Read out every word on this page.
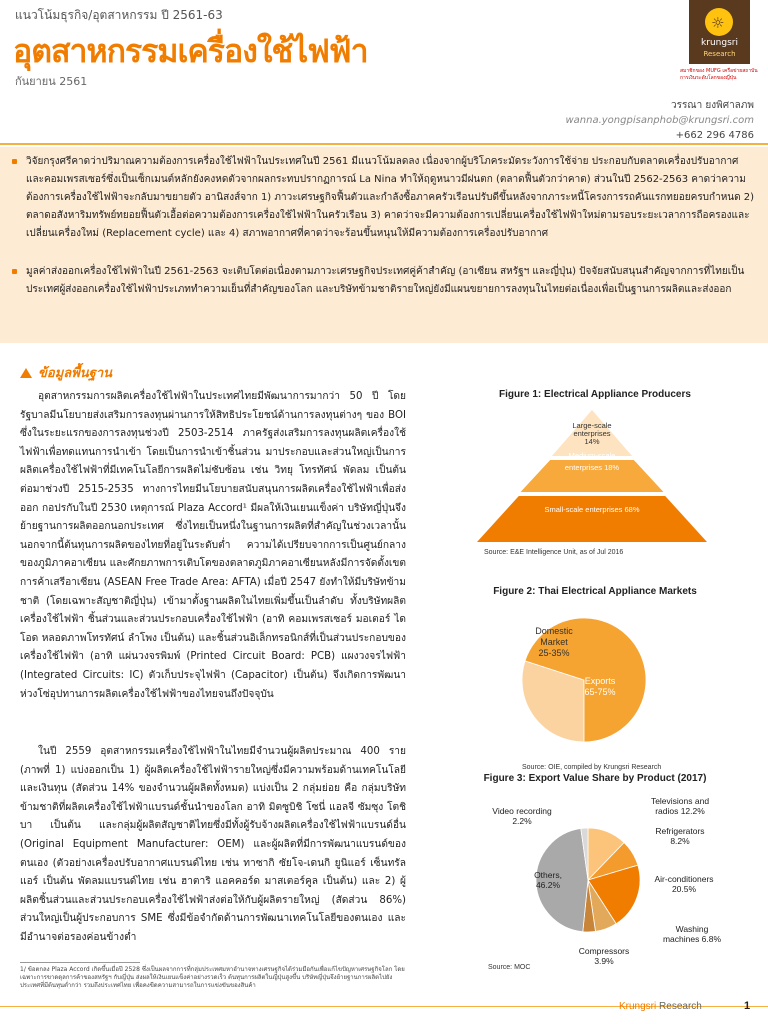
แนวโน้มธุรกิจ/อุตสาหกรรม ปี 2561-63
อุตสาหกรรมเครื่องใช้ไฟฟ้า
กันยายน 2561
☼
krungsri
Research
สมาชิกของ MUFG เครือข่ายสถาบันการเงินระดับโลกของญี่ปุ่น
วรรณา ยงพิศาลภพ
wanna.yongpisanphob@krungsri.com
+662 296 4786
วิจัยกรุงศรีคาดว่าปริมาณความต้องการเครื่องใช้ไฟฟ้าในประเทศในปี 2561 มีแนวโน้มลดลง เนื่องจากผู้บริโภคระมัดระวังการใช้จ่าย ประกอบกับตลาดเครื่องปรับอากาศและคอมเพรสเซอร์ซึ่งเป็นเซ็กเมนต์หลักยังคงหดตัวจากผลกระทบปรากฏการณ์ La Nina ทำให้ฤดูหนาวมีฝนตก (ตลาดฟื้นตัวกว่าคาด) ส่วนในปี 2562-2563 คาดว่าความต้องการเครื่องใช้ไฟฟ้าจะกลับมาขยายตัว อานิสงส์จาก 1) ภาวะเศรษฐกิจฟื้นตัวและกำลังซื้อภาคครัวเรือนปรับดีขึ้นหลังจากภาระหนี้โครงการรถคันแรกทยอยครบกำหนด 2) ตลาดอสังหาริมทรัพย์ทยอยฟื้นตัวเอื้อต่อความต้องการเครื่องใช้ไฟฟ้าในครัวเรือน 3) คาดว่าจะมีความต้องการเปลี่ยนเครื่องใช้ไฟฟ้าใหม่ตามรอบระยะเวลาการถือครองและเปลี่ยนเครื่องใหม่ (Replacement cycle) และ 4) สภาพอากาศที่คาดว่าจะร้อนขึ้นหนุนให้มีความต้องการเครื่องปรับอากาศ
มูลค่าส่งออกเครื่องใช้ไฟฟ้าในปี 2561-2563 จะเติบโตต่อเนื่องตามภาวะเศรษฐกิจประเทศคู่ค้าสำคัญ (อาเซียน สหรัฐฯ และญี่ปุ่น) ปัจจัยสนับสนุนสำคัญจากการที่ไทยเป็นประเทศผู้ส่งออกเครื่องใช้ไฟฟ้าประเภททำความเย็นที่สำคัญของโลก และบริษัทข้ามชาติรายใหญ่ยังมีแผนขยายการลงทุนในไทยต่อเนื่องเพื่อเป็นฐานการผลิตและส่งออก
ข้อมูลพื้นฐาน
อุตสาหกรรมการผลิตเครื่องใช้ไฟฟ้าในประเทศไทยมีพัฒนาการมากว่า 50 ปี โดยรัฐบาลมีนโยบายส่งเสริมการลงทุนผ่านการให้สิทธิประโยชน์ด้านการลงทุนต่างๆ ของ BOI ซึ่งในระยะแรกของการลงทุนช่วงปี 2503-2514 ภาครัฐส่งเสริมการลงทุนผลิตเครื่องใช้ไฟฟ้าเพื่อทดแทนการนำเข้า โดยเป็นการนำเข้าชิ้นส่วน มาประกอบและส่วนใหญ่เป็นการผลิตเครื่องใช้ไฟฟ้าที่มีเทคโนโลยีการผลิตไม่ซับซ้อน เช่น วิทยุ โทรทัศน์ พัดลม เป็นต้น ต่อมาช่วงปี 2515-2535 ทางการไทยมีนโยบายสนับสนุนการผลิตเครื่องใช้ไฟฟ้าเพื่อส่งออก กอปรกับในปี 2530 เหตุการณ์ Plaza Accord¹ มีผลให้เงินเยนแข็งค่า บริษัทญี่ปุ่นจึงย้ายฐานการผลิตออกนอกประเทศ ซึ่งไทยเป็นหนึ่งในฐานการผลิตที่สำคัญในช่วงเวลานั้น นอกจากนี้ต้นทุนการผลิตของไทยที่อยู่ในระดับต่ำ ความได้เปรียบจากการเป็นศูนย์กลางของภูมิภาคอาเซียน และศักยภาพการเติบโตของตลาดภูมิภาคอาเซียนหลังมีการจัดตั้งเขตการค้าเสรีอาเซียน (ASEAN Free Trade Area: AFTA) เมื่อปี 2547 ยังทำให้มีบริษัทข้ามชาติ (โดยเฉพาะสัญชาติญี่ปุ่น) เข้ามาตั้งฐานผลิตในไทยเพิ่มขึ้นเป็นลำดับ ทั้งบริษัทผลิตเครื่องใช้ไฟฟ้า ชิ้นส่วนและส่วนประกอบเครื่องใช้ไฟฟ้า (อาทิ คอมเพรสเซอร์ มอเตอร์ ไดโอด หลอดภาพโทรทัศน์ ลำโพง เป็นต้น) และชิ้นส่วนอิเล็กทรอนิกส์ที่เป็นส่วนประกอบของเครื่องใช้ไฟฟ้า (อาทิ แผ่นวงจรพิมพ์ (Printed Circuit Board: PCB) แผงวงจรไฟฟ้า (Integrated Circuits: IC) ตัวเก็บประจุไฟฟ้า (Capacitor) เป็นต้น) จึงเกิดการพัฒนาห่วงโซ่อุปทานการผลิตเครื่องใช้ไฟฟ้าของไทยจนถึงปัจจุบัน
ในปี 2559 อุตสาหกรรมเครื่องใช้ไฟฟ้าในไทยมีจำนวนผู้ผลิตประมาณ 400 ราย (ภาพที่ 1) แบ่งออกเป็น 1) ผู้ผลิตเครื่องใช้ไฟฟ้ารายใหญ่ซึ่งมีความพร้อมด้านเทคโนโลยีและเงินทุน (สัดส่วน 14% ของจำนวนผู้ผลิตทั้งหมด) แบ่งเป็น 2 กลุ่มย่อย คือ กลุ่มบริษัทข้ามชาติที่ผลิตเครื่องใช้ไฟฟ้าแบรนด์ชั้นนำของโลก อาทิ มิตซูบิชิ โซนี่ แอลจี ซัมซุง โตชิบา เป็นต้น และกลุ่มผู้ผลิตสัญชาติไทยซึ่งมีทั้งผู้รับจ้างผลิตเครื่องใช้ไฟฟ้าแบรนด์อื่น (Original Equipment Manufacturer: OEM) และผู้ผลิตที่มีการพัฒนาแบรนด์ของตนเอง (ตัวอย่างเครื่องปรับอากาศแบรนด์ไทย เช่น ทาซากิ ซัยโจ-เดนกิ ยูนิแอร์ เซ็นทรัลแอร์ เป็นต้น พัดลมแบรนด์ไทย เช่น ฮาตาริ แอคคอร์ด มาสเตอร์คูล เป็นต้น) และ 2) ผู้ผลิตชิ้นส่วนและส่วนประกอบเครื่องใช้ไฟฟ้าส่งต่อให้กับผู้ผลิตรายใหญ่ (สัดส่วน 86%) ส่วนใหญ่เป็นผู้ประกอบการ SME ซึ่งมีข้อจำกัดด้านการพัฒนาเทคโนโลยีของตนเอง และมีอำนาจต่อรองค่อนข้างต่ำ
1/ ข้อตกลง Plaza Accord เกิดขึ้นเมื่อปี 2528 ซึ่งเป็นผลจากการที่กลุ่มประเทศมหาอำนาจทางเศรษฐกิจได้ร่วมมือกันเพื่อแก้ไขปัญหาเศรษฐกิจโลก โดยเฉพาะการขาดดุลการค้าของสหรัฐฯ กับญี่ปุ่น ส่งผลให้เงินเยนแข็งค่าอย่างรวดเร็ว ต้นทุนการผลิตในญี่ปุ่นสูงขึ้น บริษัทญี่ปุ่นจึงย้ายฐานการผลิตไปยังประเทศที่มีต้นทุนต่ำกว่า รวมถึงประเทศไทย เพื่อคงขีดความสามารถในการแข่งขันของสินค้า
Figure 1: Electrical Appliance Producers
Large-scale
enterprises
14%
Medium-scale
enterprises 18%
Small-scale enterprises 68%
Source: E&E Intelligence Unit, as of Jul 2016
Figure 2: Thai Electrical Appliance Markets
Domestic Market 25-35%
Exports 65-75%
Source: OIE, compiled by Krungsri Research
Figure 3: Export Value Share by Product (2017)
Televisions and radios 12.2%
Refrigerators 8.2%
Air-conditioners 20.5%
Washing machines 6.8%
Compressors 3.9%
Others, 46.2%
Video recording 2.2%
Source: MOC
Krungsri Research	1
